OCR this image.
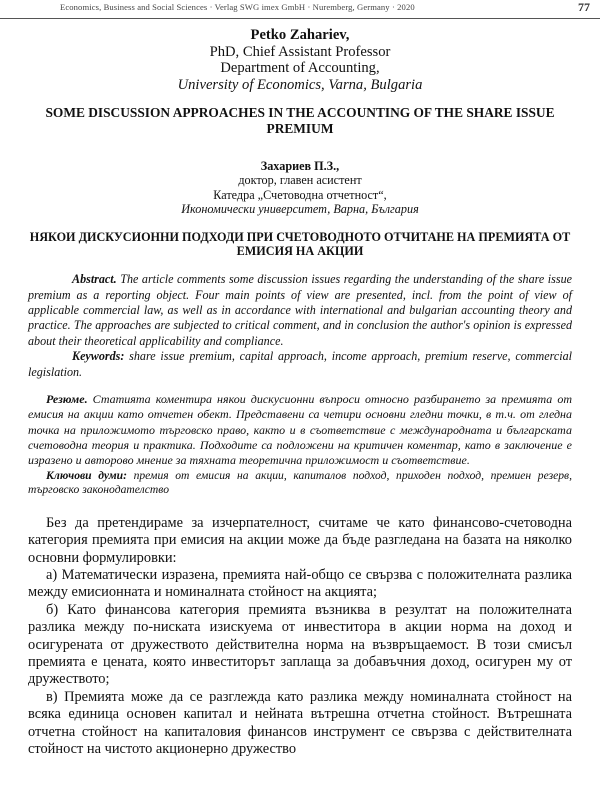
Economics, Business and Social Sciences · Verlag SWG imex GmbH · Nuremberg, Germany · 2020	77
Petko Zahariev,
PhD, Chief Assistant Professor
Department of Accounting,
University of Economics, Varna, Bulgaria
SOME DISCUSSION APPROACHES IN THE ACCOUNTING OF THE SHARE ISSUE PREMIUM
Захариев П.З.,
доктор, главен асистент
Катедра „Счетоводна отчетност“,
Икономически университет, Варна, България
НЯКОИ ДИСКУСИОННИ ПОДХОДИ ПРИ СЧЕТОВОДНОТО ОТЧИТАНЕ НА ПРЕМИЯТА ОТ ЕМИСИЯ НА АКЦИИ
Abstract. The article comments some discussion issues regarding the understanding of the share issue premium as a reporting object. Four main points of view are presented, incl. from the point of view of applicable commercial law, as well as in accordance with international and bulgarian accounting theory and practice. The approaches are subjected to critical comment, and in conclusion the author's opinion is expressed about their theoretical applicability and compliance.
Keywords: share issue premium, capital approach, income approach, premium reserve, commercial legislation.
Резюме. Статията коментира някои дискусионни въпроси относно разбирането за премията от емисия на акции като отчетен обект. Представени са четири основни гледни точки, в т.ч. от гледна точка на приложимото търговско право, както и в съответствие с международната и българската счетоводна теория и практика. Подходите са подложени на критичен коментар, като в заключение е изразено и авторово мнение за тяхната теоретична приложимост и съответствие.
Ключови думи: премия от емисия на акции, капиталов подход, приходен подход, премиен резерв, търговско законодателство

Без да претендираме за изчерпателност, считаме че като финансово-счетоводна категория премията при емисия на акции може да бъде разгледана на базата на няколко основни формулировки:

а) Математически изразена, премията най-общо се свързва с положителната разлика между емисионната и номиналната стойност на акцията;

б) Като финансова категория премията възниква в резултат на положителната разлика между по-ниската изискуема от инвеститора в акции норма на доход и осигурената от дружеството действителна норма на възвръщаемост. В този смисъл премията е цената, която инвеститорът заплаща за добавъчния доход, осигурен му от дружеството;

в) Премията може да се разглежда като разлика между номиналната стойност на всяка единица основен капитал и нейната вътрешна отчетна стойност. Вътрешната отчетна стойност на капиталовия финансов инструмент се свързва с действителната стойност на чистото акционерно дружество
